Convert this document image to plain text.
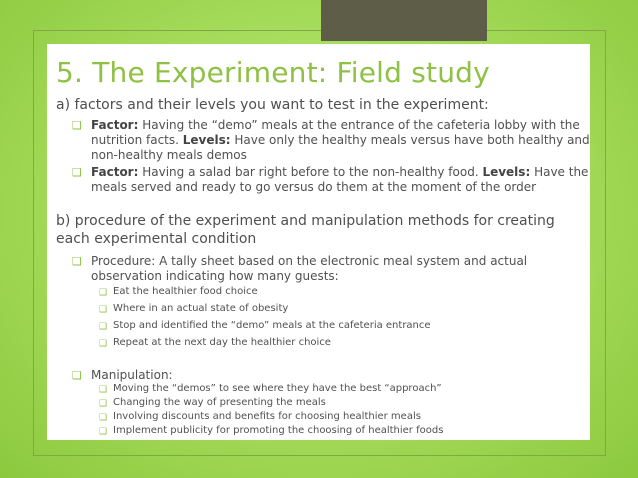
5. The Experiment: Field study

a) factors and their levels you want to test in the experiment:

❑ Factor: Having the “demo” meals at the entrance of the cafeteria lobby with the nutrition facts. Levels: Have only the healthy meals versus have both healthy and non-healthy meals demos

❑ Factor: Having a salad bar right before to the non-healthy food. Levels: Have the meals served and ready to go versus do them at the moment of the order

b) procedure of the experiment and manipulation methods for creating each experimental condition

❑ Procedure: A tally sheet based on the electronic meal system and actual observation indicating how many guests:

❑ Eat the healthier food choice

❑ Where in an actual state of obesity

❑ Stop and identified the “demo” meals at the cafeteria entrance

❑ Repeat at the next day the healthier choice

❑ Manipulation:

❑ Moving the “demos” to see where they have the best “approach”

❑ Changing the way of presenting the meals

❑ Involving discounts and benefits for choosing healthier meals

❑ Implement publicity for promoting the choosing of healthier foods
